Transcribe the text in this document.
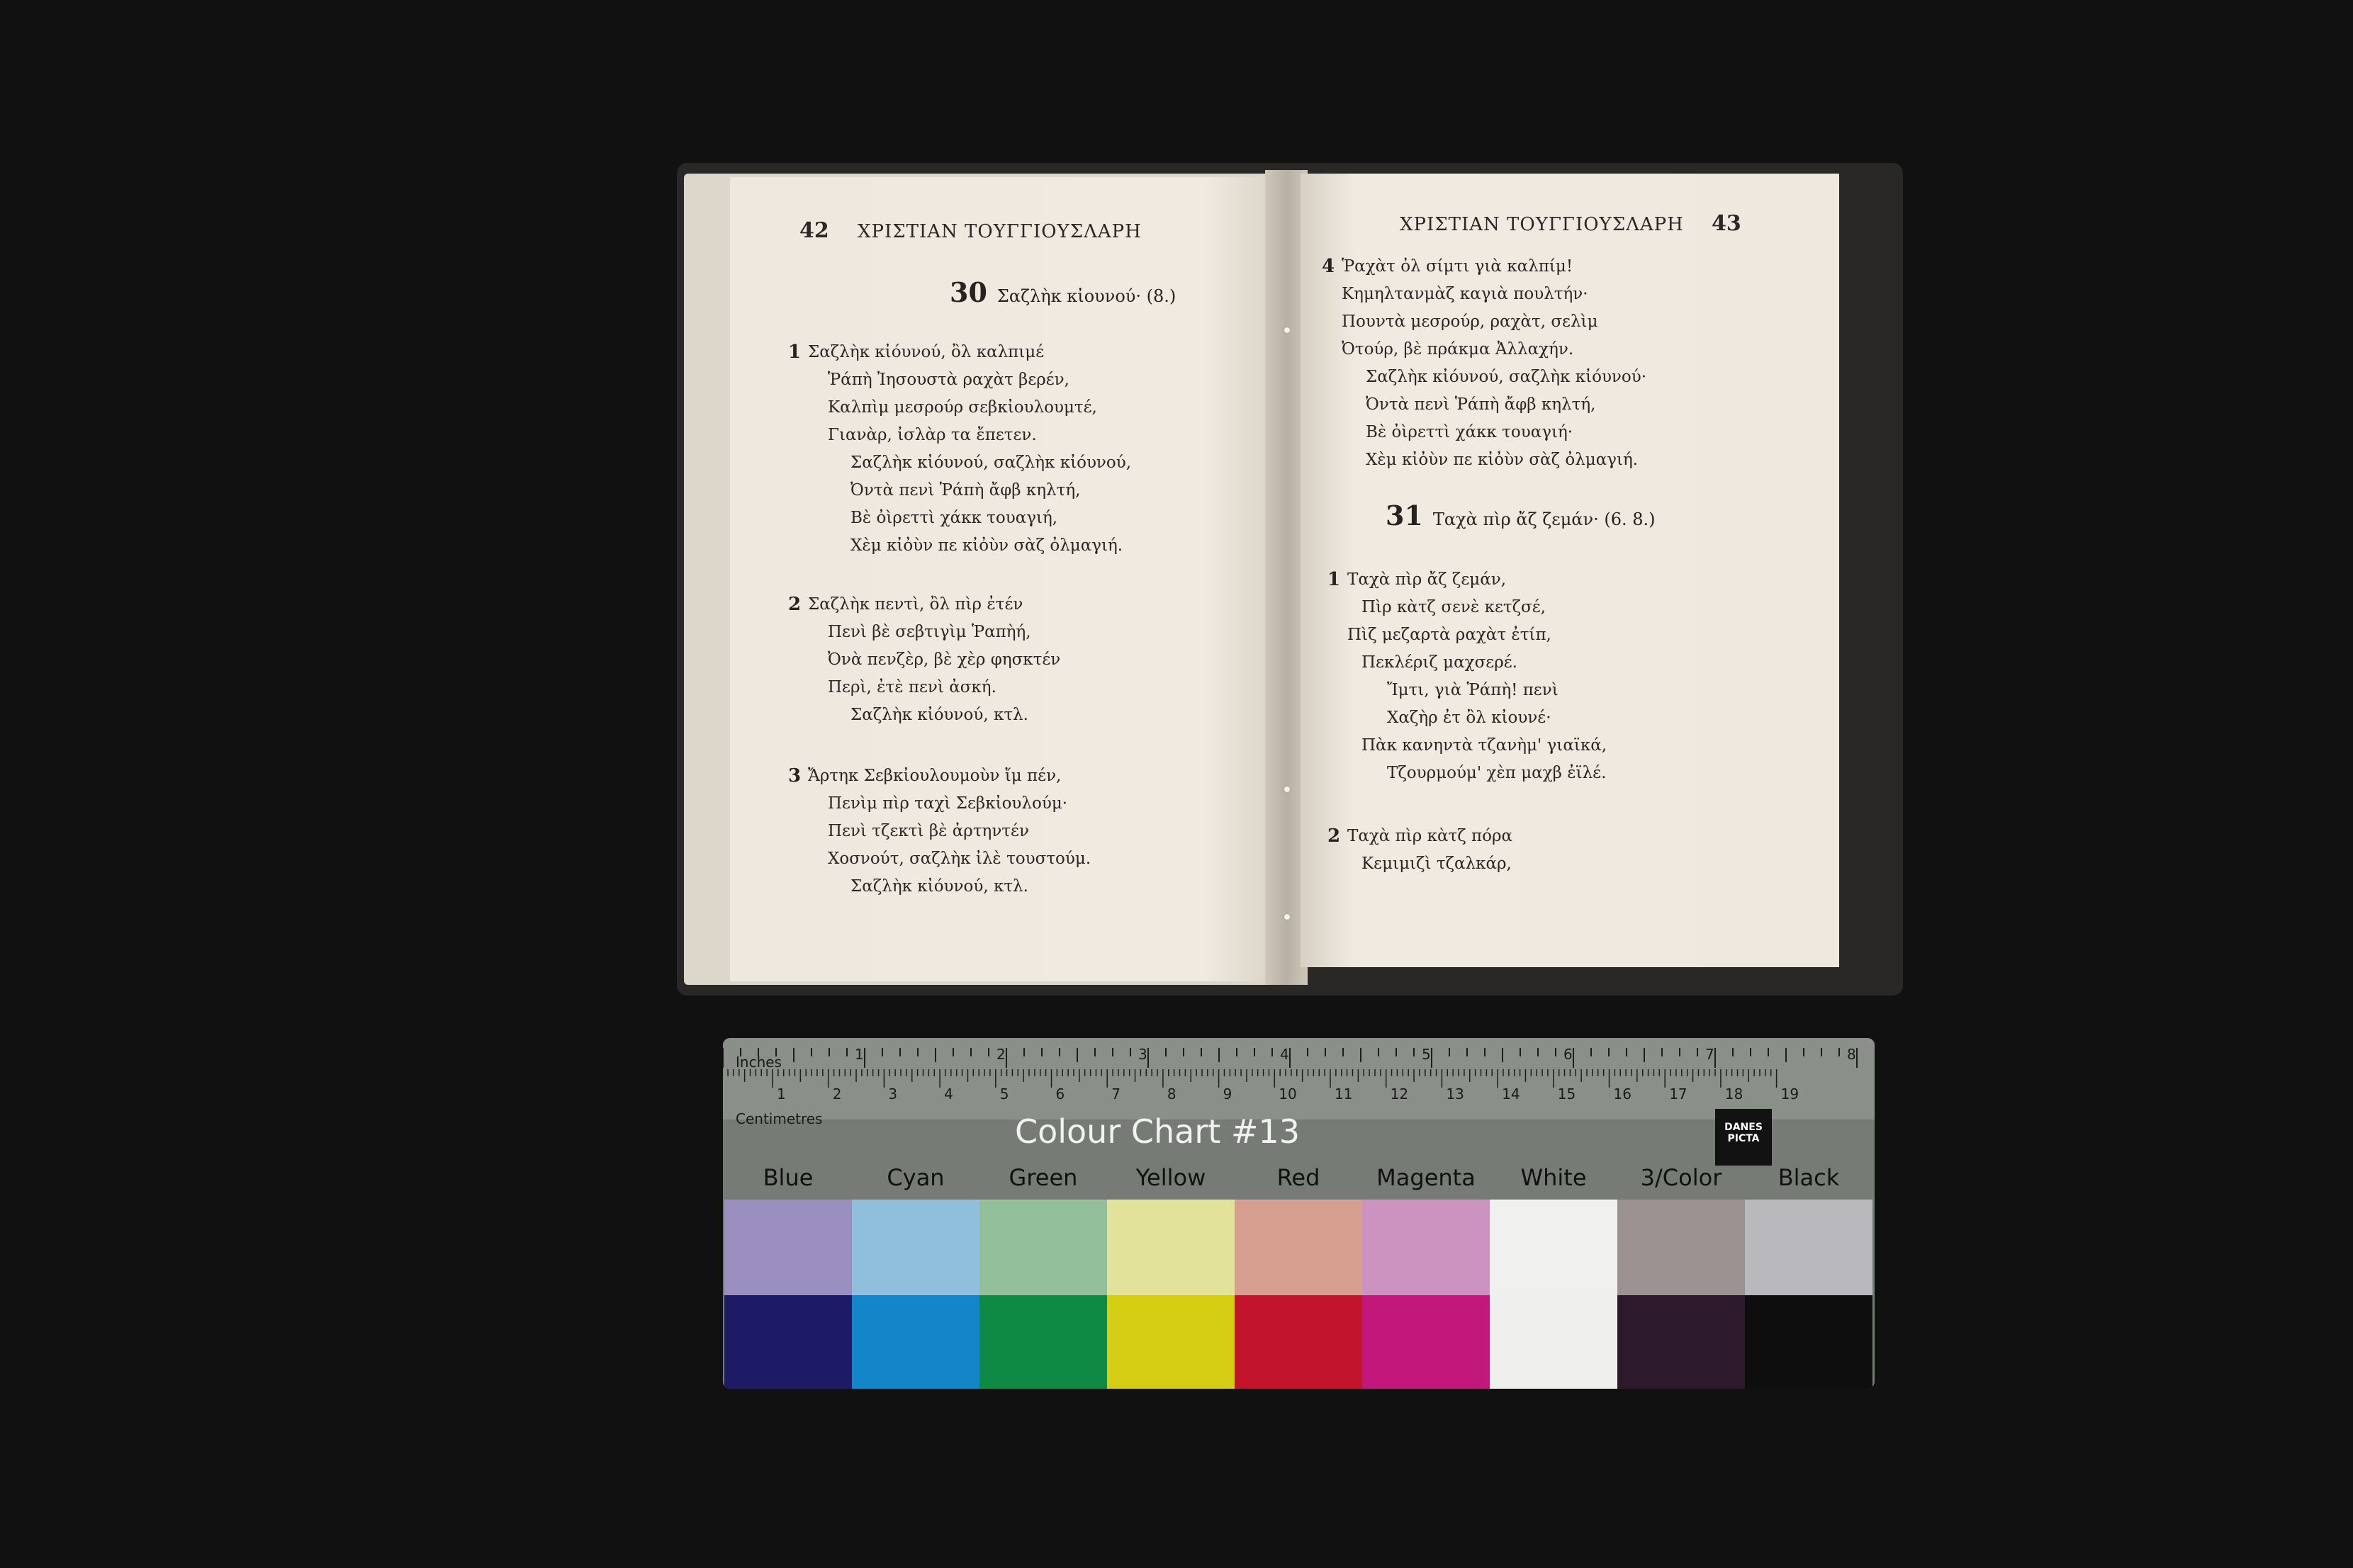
42 ΧΡΙΣΤΙΑΝ ΤΟΥΓΓΙΟΥΣΛΑΡΗ
30 Σαζλὴκ κἰουνού· (8.)
1 Σαζλὴκ κἰόυνού, ὂλ καλπιμέ
Ῥάπὴ Ἰησουστὰ ραχὰτ βερέν,
Καλπὶμ μεσρούρ σεβκἰουλουμτέ,
Γιανὰρ, ἰσλὰρ τα ἔπετεν.
Σαζλὴκ κἰόυνού, σαζλὴκ κἰόυνού,
Ὀντὰ πενὶ Ῥάπὴ ἄφβ κηλτή,
Βὲ ὀὶρεττὶ χάκκ τουαγιή,
Χὲμ κἰὀὺν πε κἰὀὺν σὰζ ὀλμαγιή.
2 Σαζλὴκ πεντὶ, ὂλ πὶρ ἐτέν
Πενὶ βὲ σεβτιγὶμ Ῥαπὴή,
Ὀνὰ πενζὲρ, βὲ χὲρ φησκτέν
Περὶ, ἐτὲ πενὶ ἀσκή.
Σαζλὴκ κἰόυνού, κτλ.
3 Ἄρτηκ Σεβκἰουλουμοὺν ἴμ πέν,
Πενὶμ πὶρ ταχὶ Σεβκἰουλούμ·
Πενὶ τζεκτὶ βὲ ἀρτηντέν
Χοσνούτ, σαζλὴκ ἰλὲ τουστούμ.
Σαζλὴκ κἰόυνού, κτλ.
ΧΡΙΣΤΙΑΝ ΤΟΥΓΓΙΟΥΣΛΑΡΗ 43
4 Ῥαχὰτ ὀλ σίμτι γιὰ καλπίμ!
Κημηλτανμὰζ καγιὰ πουλτήν·
Πουντὰ μεσρούρ, ραχὰτ, σελὶμ
Ὀτούρ, βὲ πράκμα Ἀλλαχήν.
Σαζλὴκ κἰόυνού, σαζλὴκ κἰόυνού·
Ὀντὰ πενὶ Ῥάπὴ ἄφβ κηλτή,
Βὲ ὀὶρεττὶ χάκκ τουαγιή·
Χὲμ κἰὀὺν πε κἰὀὺν σὰζ ὀλμαγιή.
31 Ταχὰ πὶρ ἄζ ζεμάν· (6. 8.)
1 Ταχὰ πὶρ ἄζ ζεμάν,
Πὶρ κὰτζ σενὲ κετζσέ,
Πὶζ μεζαρτὰ ραχὰτ ἐτίπ,
Πεκλέριζ μαχσερέ.
Ἴμτι, γιὰ Ῥάπὴ! πενὶ
Χαζὴρ ἐτ ὂλ κἰουνέ·
Πὰκ κανηντὰ τζανὴμ' γιαϊκά,
Τζουρμούμ' χὲπ μαχβ ἐϊλέ.
2 Ταχὰ πὶρ κὰτζ πόρα
Κεμιμιζὶ τζαλκάρ,
1	2	3	4	5	6	7	8
1	2	3	4	5	6	7	8	9	10	11	12	13	14	15	16	17	18	19
Inches
Centimetres	Colour Chart #13	DANES
PICTA
Blue	Cyan	Green	Yellow	Red	Magenta	White	3/Color	Black
